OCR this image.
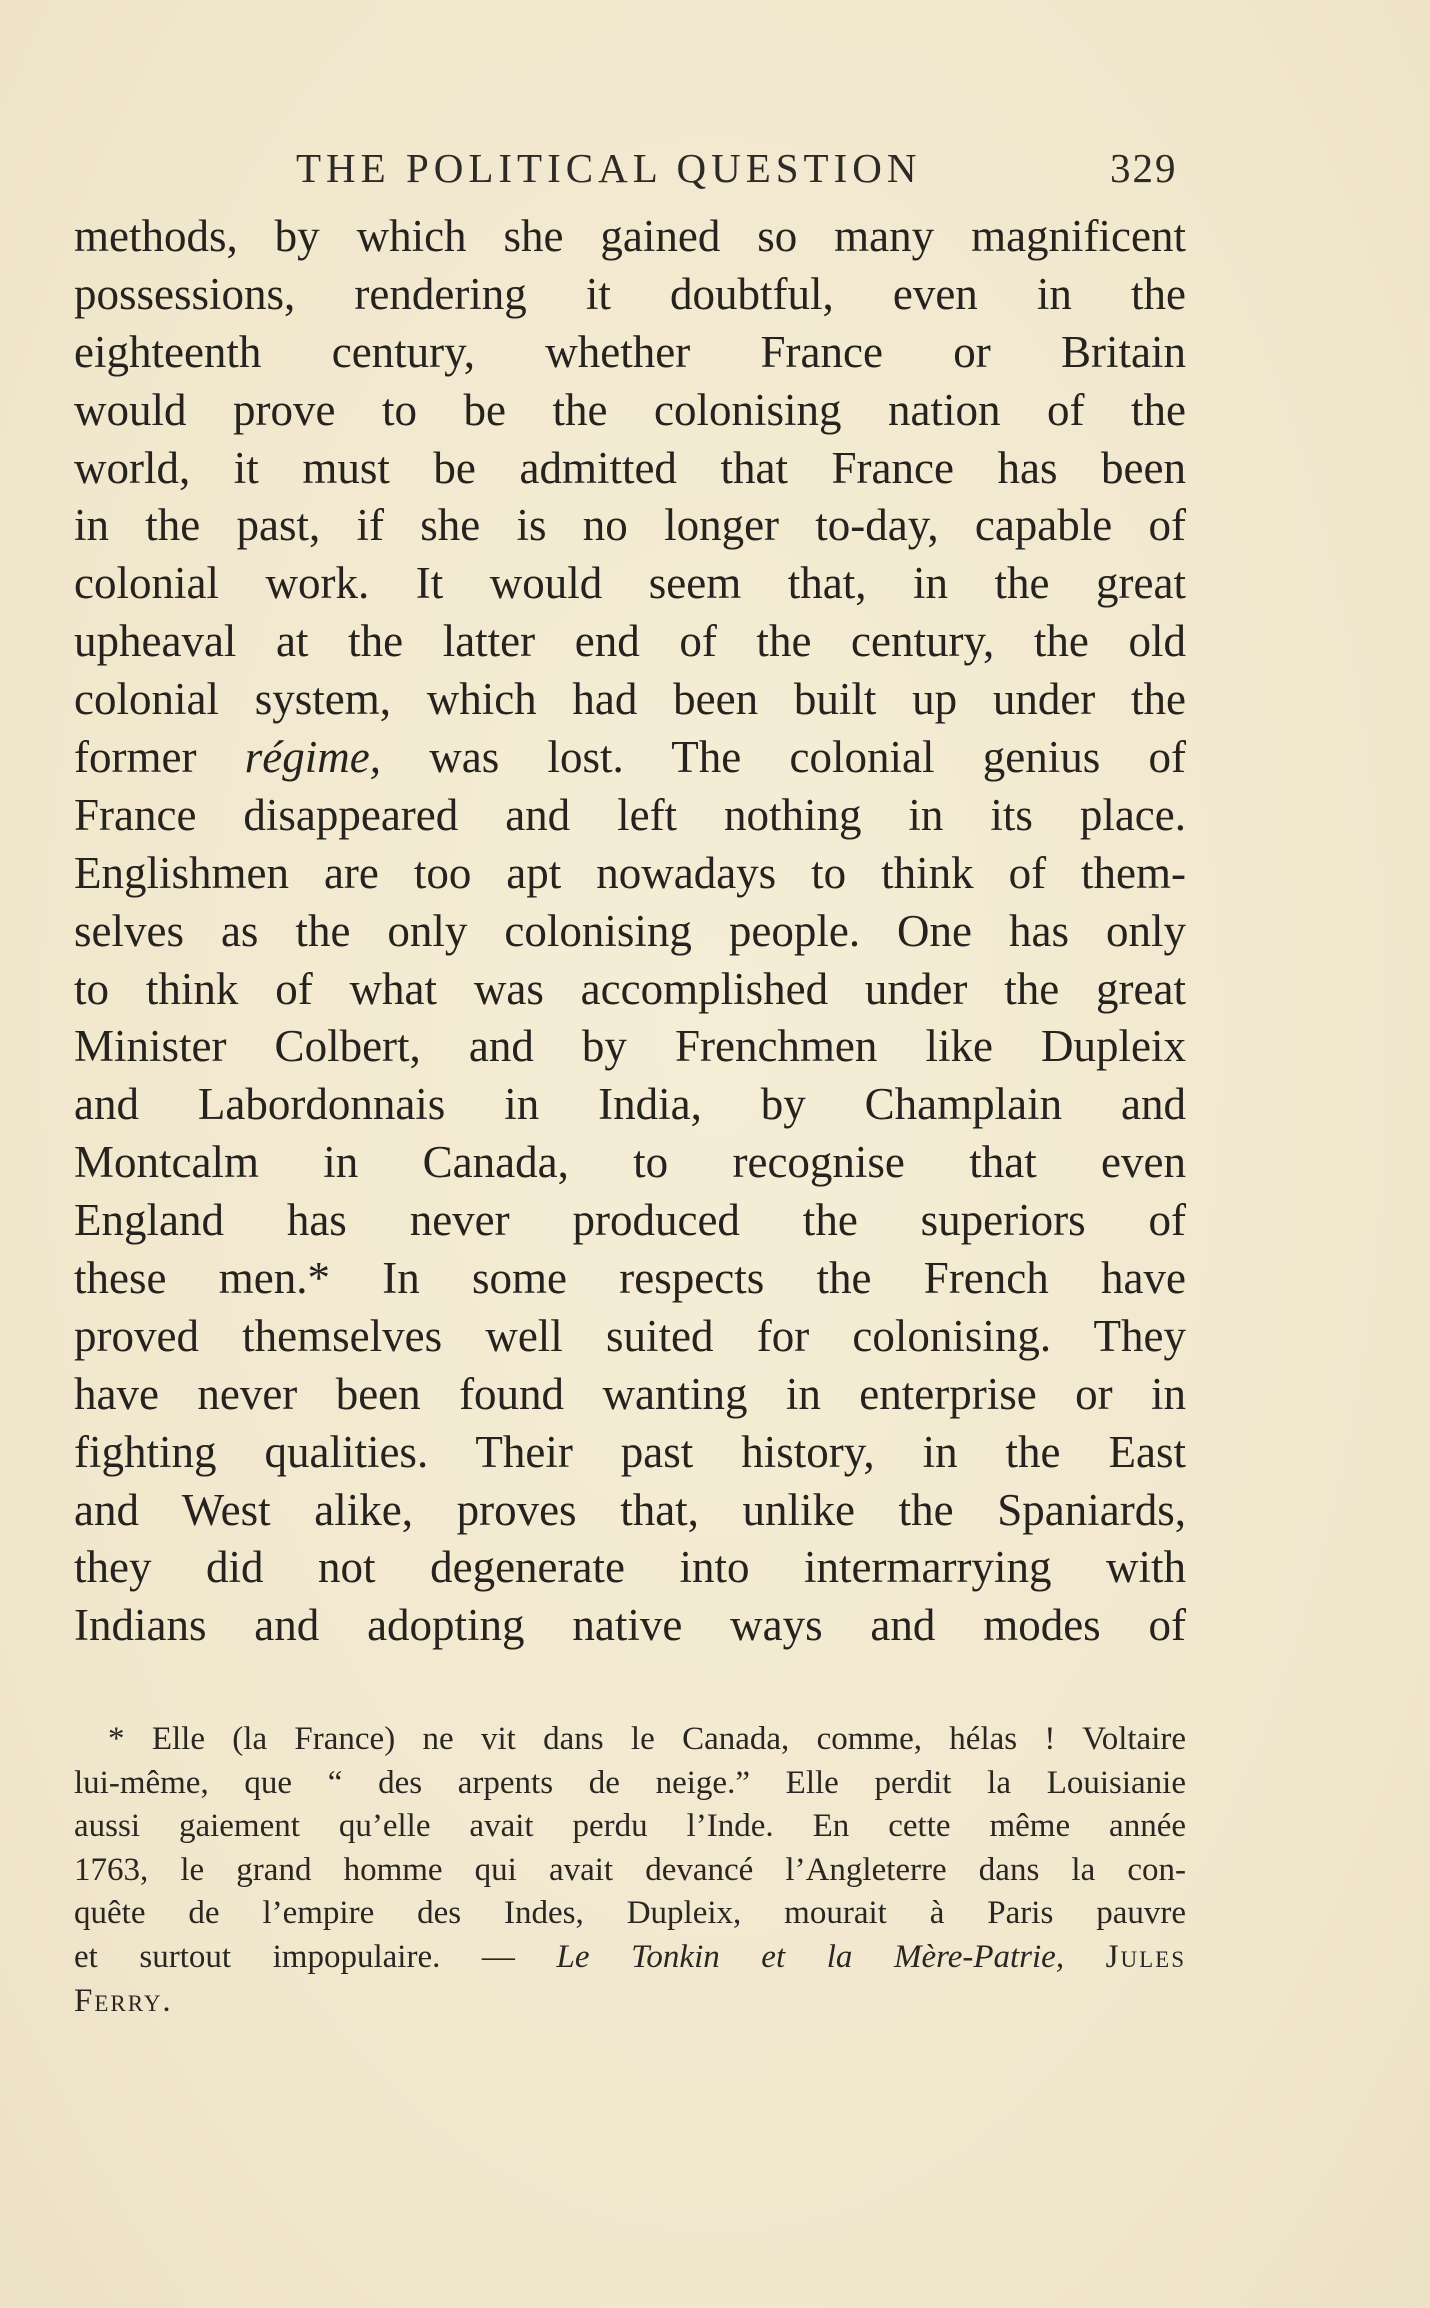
THE POLITICAL QUESTION	329
methods, by which she gained so many magnificent
possessions, rendering it doubtful, even in the
eighteenth century, whether France or Britain
would prove to be the colonising nation of the
world, it must be admitted that France has been
in the past, if she is no longer to-day, capable of
colonial work. It would seem that, in the great
upheaval at the latter end of the century, the old
colonial system, which had been built up under the
former régime, was lost. The colonial genius of
France disappeared and left nothing in its place.
Englishmen are too apt nowadays to think of them-
selves as the only colonising people. One has only
to think of what was accomplished under the great
Minister Colbert, and by Frenchmen like Dupleix
and Labordonnais in India, by Champlain and
Montcalm in Canada, to recognise that even
England has never produced the superiors of
these men.* In some respects the French have
proved themselves well suited for colonising. They
have never been found wanting in enterprise or in
fighting qualities. Their past history, in the East
and West alike, proves that, unlike the Spaniards,
they did not degenerate into intermarrying with
Indians and adopting native ways and modes of
* Elle (la France) ne vit dans le Canada, comme, hélas ! Voltaire
lui-même, que “ des arpents de neige.” Elle perdit la Louisianie
aussi gaiement qu’elle avait perdu l’Inde. En cette même année
1763, le grand homme qui avait devancé l’Angleterre dans la con-
quête de l’empire des Indes, Dupleix, mourait à Paris pauvre
et surtout impopulaire. — Le Tonkin et la Mère-Patrie, Jules
Ferry.
